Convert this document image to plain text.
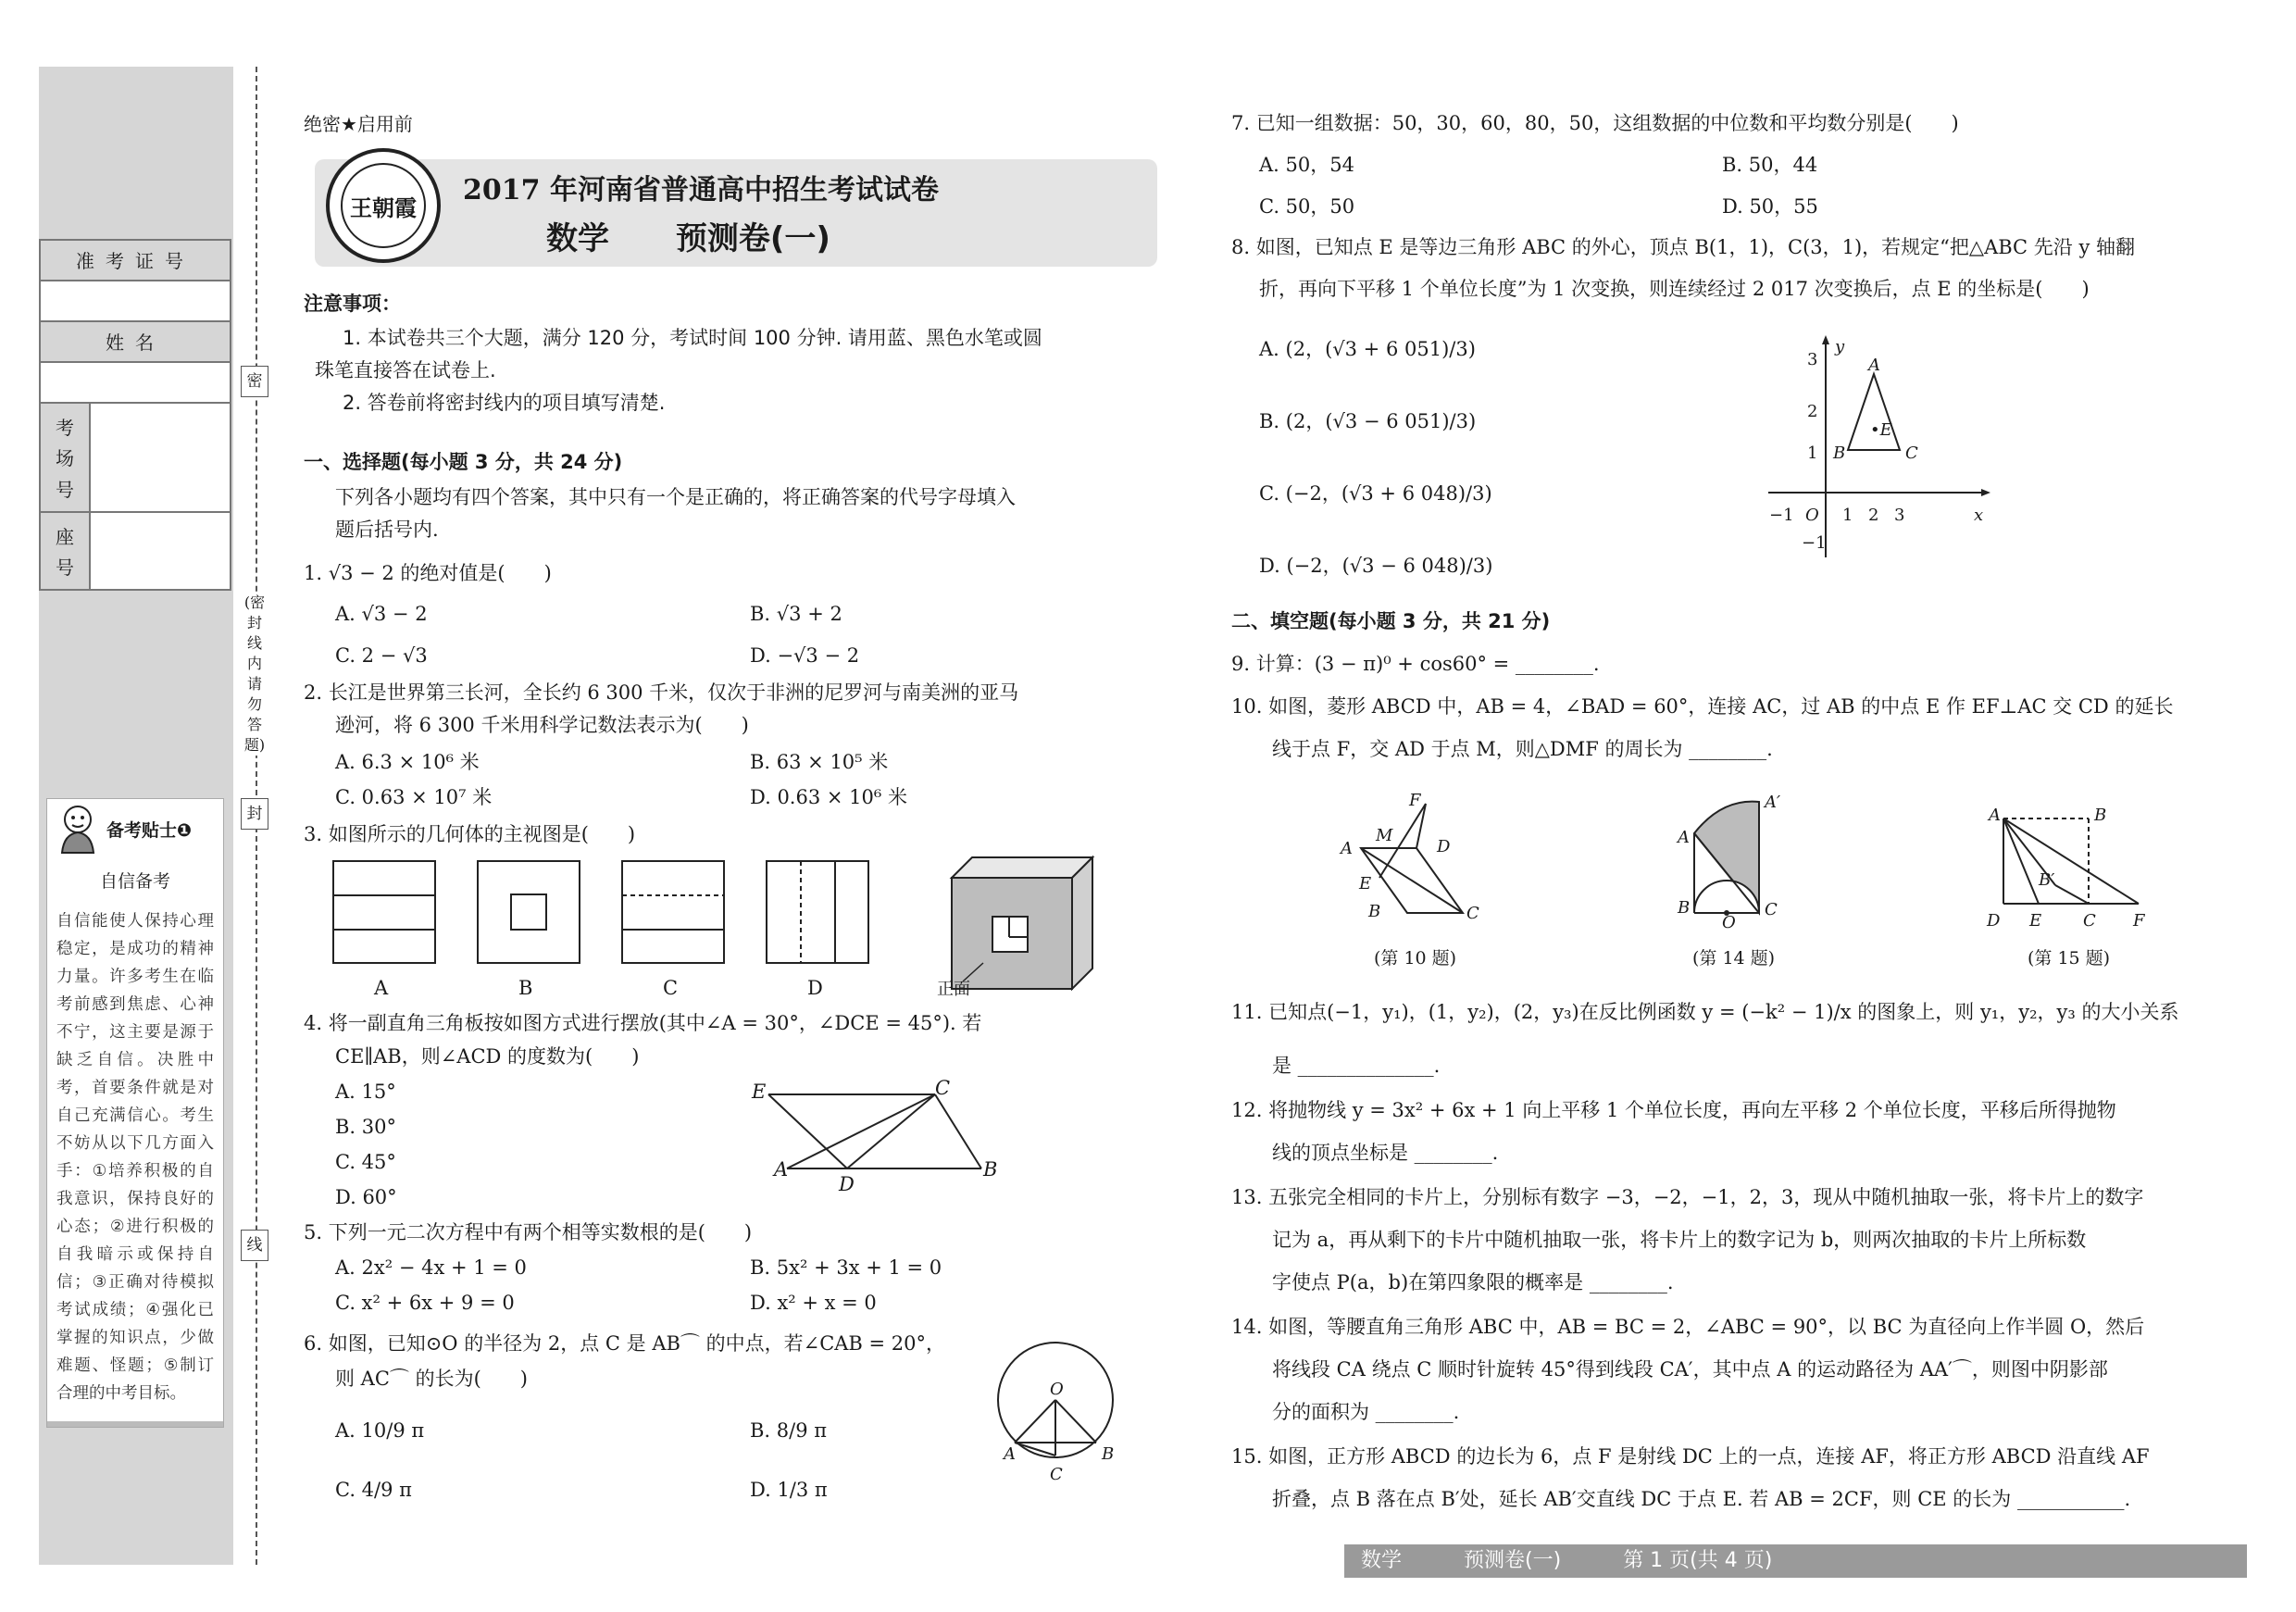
准考证号
姓名
考
场
号
座
号
密
封
线
(密封线内请勿答题)
备考贴士❶
自信备考
自信能使人保持心理稳定，是成功的精神力量。许多考生在临考前感到焦虑、心神不宁，这主要是源于缺乏自信。决胜中考，首要条件就是对自己充满信心。考生不妨从以下几方面入手：①培养积极的自我意识，保持良好的心态；②进行积极的自我暗示或保持自信；③正确对待模拟考试成绩；④强化已掌握的知识点，少做难题、怪题；⑤制订合理的中考目标。
绝密★启用前
王朝霞
2017 年河南省普通高中招生考试试卷
数学 预测卷(一)
注意事项：
1. 本试卷共三个大题，满分 120 分，考试时间 100 分钟. 请用蓝、黑色水笔或圆
珠笔直接答在试卷上.
2. 答卷前将密封线内的项目填写清楚.
一、选择题(每小题 3 分，共 24 分)
下列各小题均有四个答案，其中只有一个是正确的，将正确答案的代号字母填入
题后括号内.
1. √3 − 2 的绝对值是(　　)
A. √3 − 2	B. √3 + 2
C. 2 − √3	D. −√3 − 2
2. 长江是世界第三长河，全长约 6 300 千米，仅次于非洲的尼罗河与南美洲的亚马
逊河，将 6 300 千米用科学记数法表示为(　　)
A. 6.3 × 10⁶ 米	B. 63 × 10⁵ 米
C. 0.63 × 10⁷ 米	D. 0.63 × 10⁶ 米
3. 如图所示的几何体的主视图是(　　)
A	B	C	D	正面
4. 将一副直角三角板按如图方式进行摆放(其中∠A = 30°，∠DCE = 45°). 若
CE∥AB，则∠ACD 的度数为(　　)
A. 15°
B. 30°
C. 45°
D. 60°
E	C
A
D
B
5. 下列一元二次方程中有两个相等实数根的是(　　)
A. 2x² − 4x + 1 = 0	B. 5x² + 3x + 1 = 0
C. x² + 6x + 9 = 0	D. x² + x = 0
6. 如图，已知⊙O 的半径为 2，点 C 是 AB⌒ 的中点，若∠CAB = 20°，
则 AC⌒ 的长为(　　)
A. 10/9 π	B. 8/9 π
C. 4/9 π	D. 1/3 π
O
A	B
C
7. 已知一组数据：50，30，60，80，50，这组数据的中位数和平均数分别是(　　)
A. 50，54	B. 50，44
C. 50，50	D. 50，55
8. 如图，已知点 E 是等边三角形 ABC 的外心，顶点 B(1，1)，C(3，1)，若规定“把△ABC 先沿 y 轴翻
折，再向下平移 1 个单位长度”为 1 次变换，则连续经过 2 017 次变换后，点 E 的坐标是(　　)
A. (2，(√3 + 6 051)/3)
B. (2，(√3 − 6 051)/3)
C. (−2，(√3 + 6 048)/3)
D. (−2，(√3 − 6 048)/3)
−1 O 1 2 3	x
3
2
1
−1
y
A
B	C
•E
二、填空题(每小题 3 分，共 21 分)
9. 计算：(3 − π)⁰ + cos60° = ________.
10. 如图，菱形 ABCD 中，AB = 4，∠BAD = 60°，连接 AC，过 AB 的中点 E 作 EF⊥AC 交 CD 的延长
线于点 F，交 AD 于点 M，则△DMF 的周长为 ________.
F
A
M
D
E
B	C
A′
A
B
O
C
A	B
B′
D E C F
(第 10 题)	(第 14 题)	(第 15 题)
11. 已知点(−1，y₁)，(1，y₂)，(2，y₃)在反比例函数 y = (−k² − 1)/x 的图象上，则 y₁，y₂，y₃ 的大小关系
是 ______________.
12. 将抛物线 y = 3x² + 6x + 1 向上平移 1 个单位长度，再向左平移 2 个单位长度，平移后所得抛物
线的顶点坐标是 ________.
13. 五张完全相同的卡片上，分别标有数字 −3，−2，−1，2，3，现从中随机抽取一张，将卡片上的数字
记为 a，再从剩下的卡片中随机抽取一张，将卡片上的数字记为 b，则两次抽取的卡片上所标数
字使点 P(a，b)在第四象限的概率是 ________.
14. 如图，等腰直角三角形 ABC 中，AB = BC = 2，∠ABC = 90°，以 BC 为直径向上作半圆 O，然后
将线段 CA 绕点 C 顺时针旋转 45°得到线段 CA′，其中点 A 的运动路径为 AA′⌒，则图中阴影部
分的面积为 ________.
15. 如图，正方形 ABCD 的边长为 6，点 F 是射线 DC 上的一点，连接 AF，将正方形 ABCD 沿直线 AF
折叠，点 B 落在点 B′处，延长 AB′交直线 DC 于点 E. 若 AB = 2CF，则 CE 的长为 ___________.
数学	预测卷(一)	第 1 页(共 4 页)
